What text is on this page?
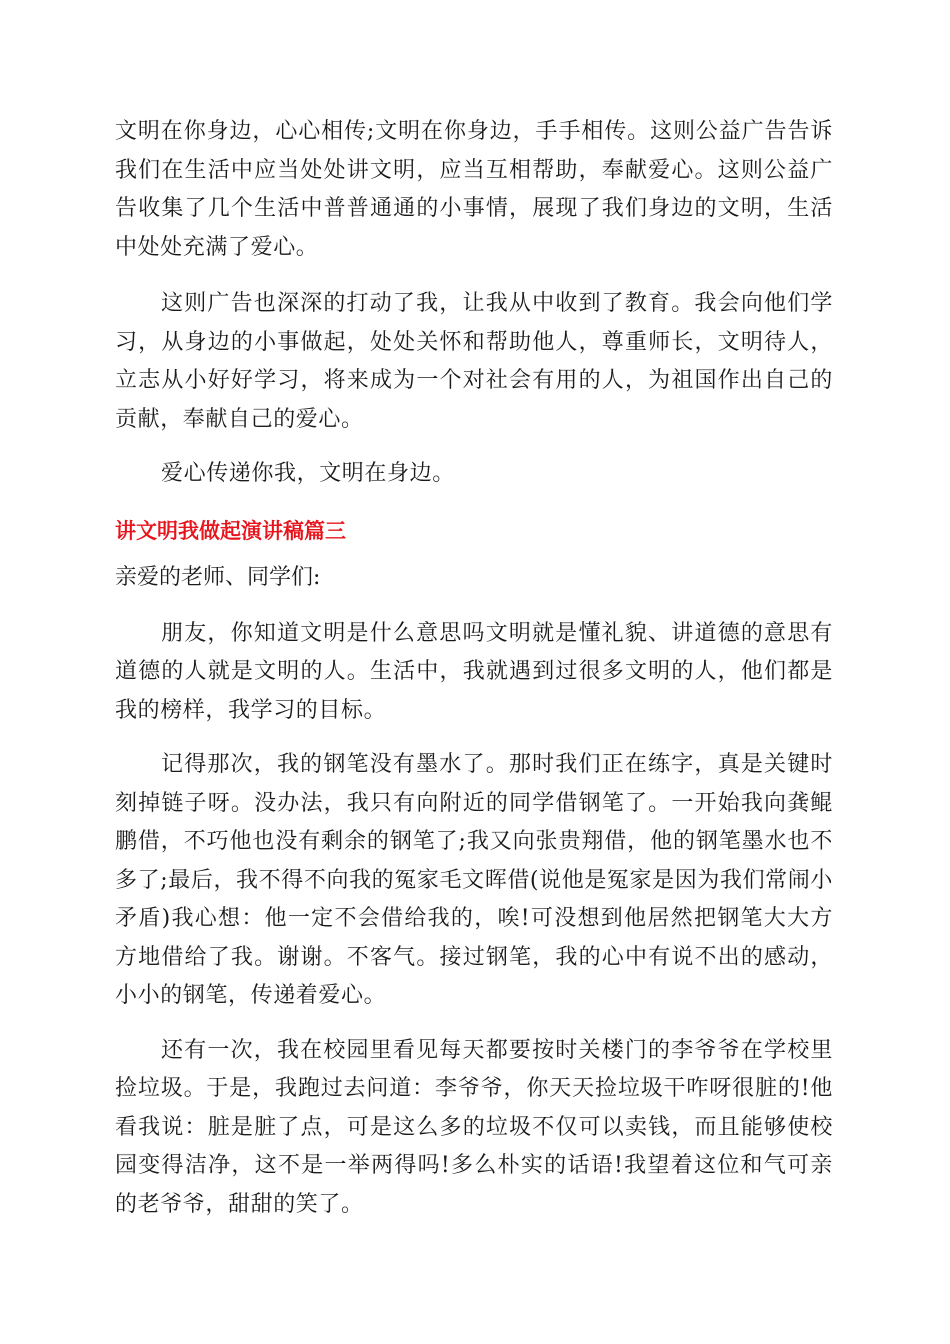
文明在你身边，心心相传;文明在你身边，手手相传。这则公益广告告诉我们在生活中应当处处讲文明，应当互相帮助，奉献爱心。这则公益广告收集了几个生活中普普通通的小事情，展现了我们身边的文明，生活中处处充满了爱心。

这则广告也深深的打动了我，让我从中收到了教育。我会向他们学习，从身边的小事做起，处处关怀和帮助他人，尊重师长，文明待人，立志从小好好学习，将来成为一个对社会有用的人，为祖国作出自己的贡献，奉献自己的爱心。

爱心传递你我，文明在身边。

讲文明我做起演讲稿篇三

亲爱的老师、同学们:

朋友，你知道文明是什么意思吗文明就是懂礼貌、讲道德的意思有道德的人就是文明的人。生活中，我就遇到过很多文明的人，他们都是我的榜样，我学习的目标。

记得那次，我的钢笔没有墨水了。那时我们正在练字，真是关键时刻掉链子呀。没办法，我只有向附近的同学借钢笔了。一开始我向龚鲲鹏借，不巧他也没有剩余的钢笔了;我又向张贵翔借，他的钢笔墨水也不多了;最后，我不得不向我的冤家毛文晖借(说他是冤家是因为我们常闹小矛盾)我心想：他一定不会借给我的，唉!可没想到他居然把钢笔大大方方地借给了我。谢谢。不客气。接过钢笔，我的心中有说不出的感动，小小的钢笔，传递着爱心。

还有一次，我在校园里看见每天都要按时关楼门的李爷爷在学校里捡垃圾。于是，我跑过去问道：李爷爷，你天天捡垃圾干咋呀很脏的!他看我说：脏是脏了点，可是这么多的垃圾不仅可以卖钱，而且能够使校园变得洁净，这不是一举两得吗!多么朴实的话语!我望着这位和气可亲的老爷爷，甜甜的笑了。
